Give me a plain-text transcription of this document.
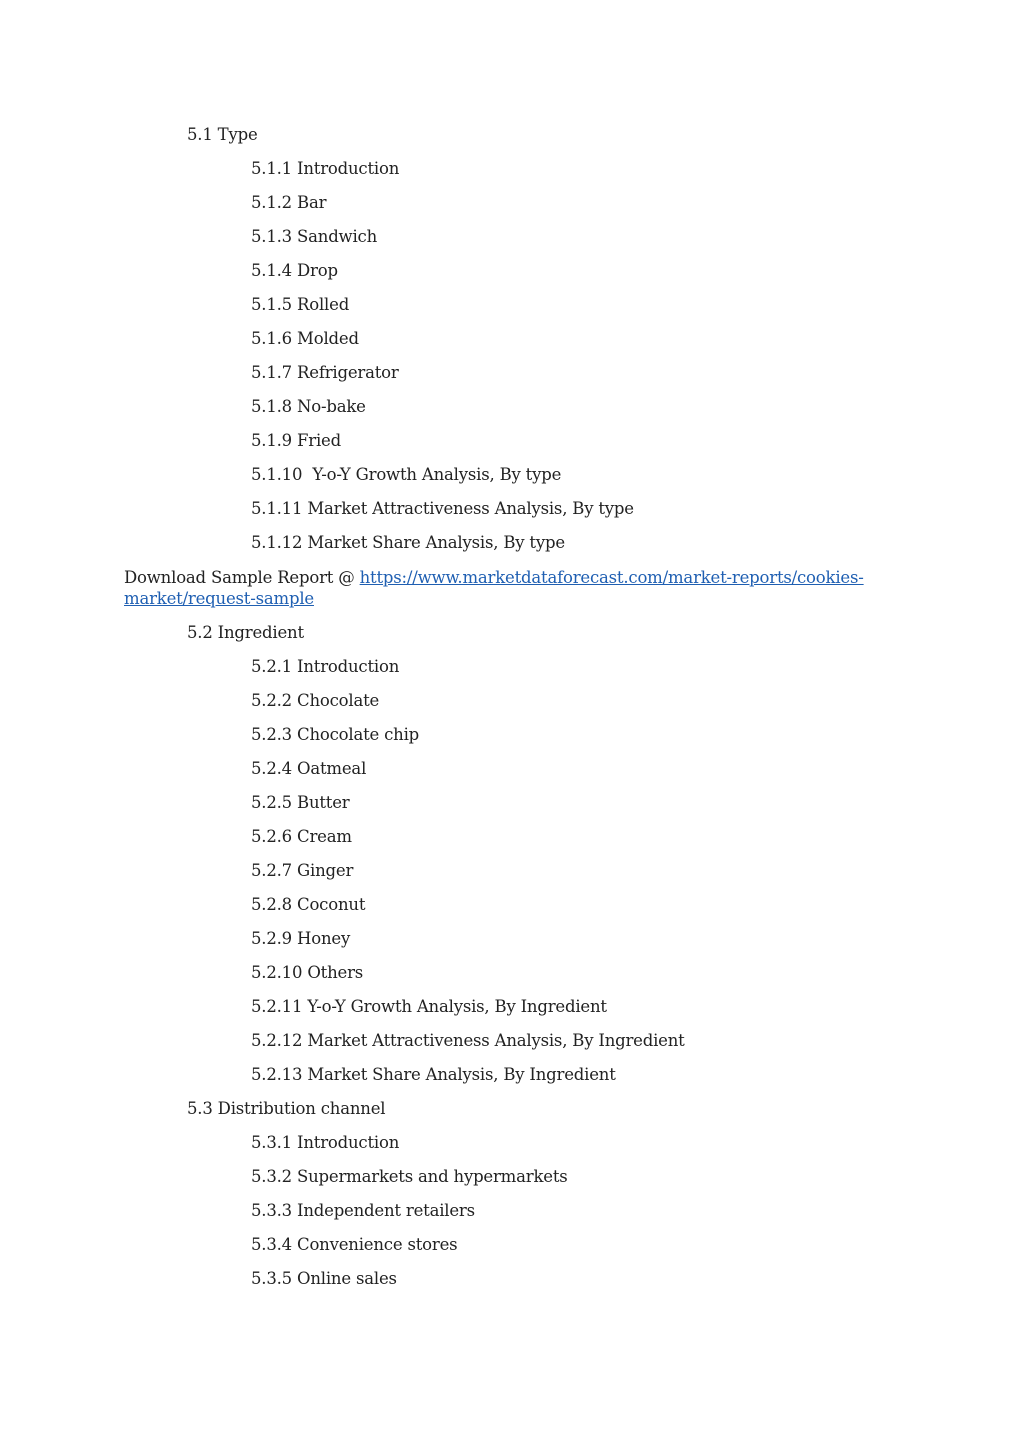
5.1 Type
5.1.1 Introduction
5.1.2 Bar
5.1.3 Sandwich
5.1.4 Drop
5.1.5 Rolled
5.1.6 Molded
5.1.7 Refrigerator
5.1.8 No-bake
5.1.9 Fried
5.1.10  Y-o-Y Growth Analysis, By type
5.1.11 Market Attractiveness Analysis, By type
5.1.12 Market Share Analysis, By type
Download Sample Report @ https://www.marketdataforecast.com/market-reports/cookies-
market/request-sample
5.2 Ingredient
5.2.1 Introduction
5.2.2 Chocolate
5.2.3 Chocolate chip
5.2.4 Oatmeal
5.2.5 Butter
5.2.6 Cream
5.2.7 Ginger
5.2.8 Coconut
5.2.9 Honey
5.2.10 Others
5.2.11 Y-o-Y Growth Analysis, By Ingredient
5.2.12 Market Attractiveness Analysis, By Ingredient
5.2.13 Market Share Analysis, By Ingredient
5.3 Distribution channel
5.3.1 Introduction
5.3.2 Supermarkets and hypermarkets
5.3.3 Independent retailers
5.3.4 Convenience stores
5.3.5 Online sales
